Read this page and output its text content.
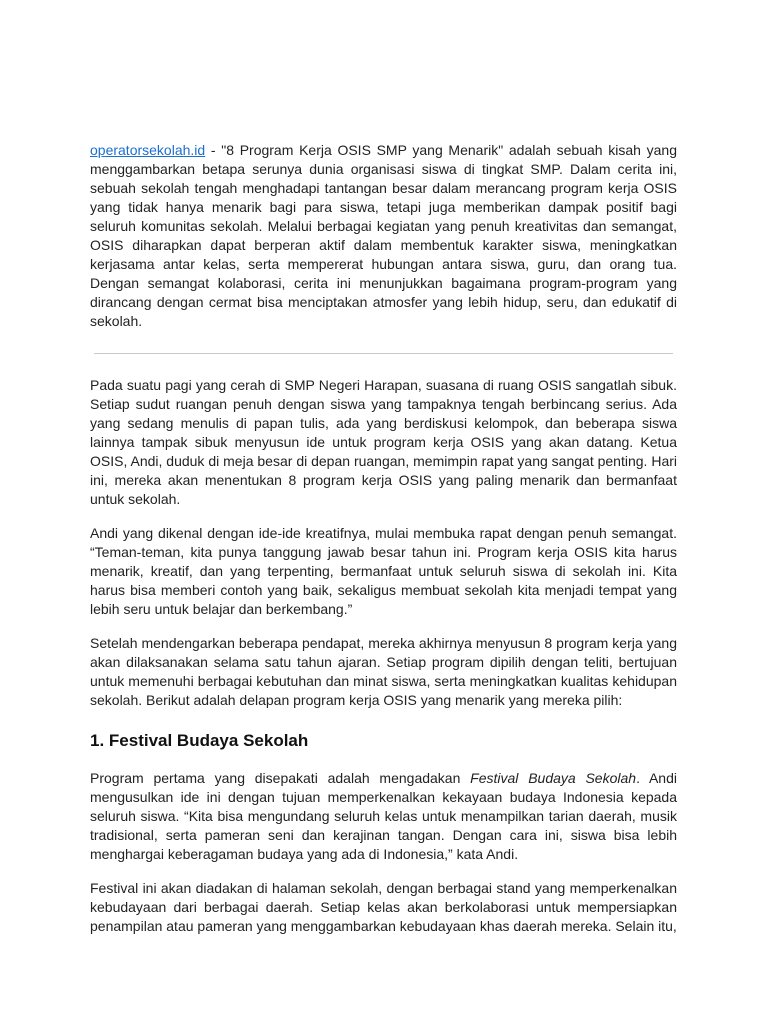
operatorsekolah.id - "8 Program Kerja OSIS SMP yang Menarik" adalah sebuah kisah yang menggambarkan betapa serunya dunia organisasi siswa di tingkat SMP. Dalam cerita ini, sebuah sekolah tengah menghadapi tantangan besar dalam merancang program kerja OSIS yang tidak hanya menarik bagi para siswa, tetapi juga memberikan dampak positif bagi seluruh komunitas sekolah. Melalui berbagai kegiatan yang penuh kreativitas dan semangat, OSIS diharapkan dapat berperan aktif dalam membentuk karakter siswa, meningkatkan kerjasama antar kelas, serta mempererat hubungan antara siswa, guru, dan orang tua. Dengan semangat kolaborasi, cerita ini menunjukkan bagaimana program-program yang dirancang dengan cermat bisa menciptakan atmosfer yang lebih hidup, seru, dan edukatif di sekolah.

Pada suatu pagi yang cerah di SMP Negeri Harapan, suasana di ruang OSIS sangatlah sibuk. Setiap sudut ruangan penuh dengan siswa yang tampaknya tengah berbincang serius. Ada yang sedang menulis di papan tulis, ada yang berdiskusi kelompok, dan beberapa siswa lainnya tampak sibuk menyusun ide untuk program kerja OSIS yang akan datang. Ketua OSIS, Andi, duduk di meja besar di depan ruangan, memimpin rapat yang sangat penting. Hari ini, mereka akan menentukan 8 program kerja OSIS yang paling menarik dan bermanfaat untuk sekolah.

Andi yang dikenal dengan ide-ide kreatifnya, mulai membuka rapat dengan penuh semangat. “Teman-teman, kita punya tanggung jawab besar tahun ini. Program kerja OSIS kita harus menarik, kreatif, dan yang terpenting, bermanfaat untuk seluruh siswa di sekolah ini. Kita harus bisa memberi contoh yang baik, sekaligus membuat sekolah kita menjadi tempat yang lebih seru untuk belajar dan berkembang.”

Setelah mendengarkan beberapa pendapat, mereka akhirnya menyusun 8 program kerja yang akan dilaksanakan selama satu tahun ajaran. Setiap program dipilih dengan teliti, bertujuan untuk memenuhi berbagai kebutuhan dan minat siswa, serta meningkatkan kualitas kehidupan sekolah. Berikut adalah delapan program kerja OSIS yang menarik yang mereka pilih:

1. Festival Budaya Sekolah

Program pertama yang disepakati adalah mengadakan Festival Budaya Sekolah. Andi mengusulkan ide ini dengan tujuan memperkenalkan kekayaan budaya Indonesia kepada seluruh siswa. “Kita bisa mengundang seluruh kelas untuk menampilkan tarian daerah, musik tradisional, serta pameran seni dan kerajinan tangan. Dengan cara ini, siswa bisa lebih menghargai keberagaman budaya yang ada di Indonesia,” kata Andi.

Festival ini akan diadakan di halaman sekolah, dengan berbagai stand yang memperkenalkan kebudayaan dari berbagai daerah. Setiap kelas akan berkolaborasi untuk mempersiapkan penampilan atau pameran yang menggambarkan kebudayaan khas daerah mereka. Selain itu,
